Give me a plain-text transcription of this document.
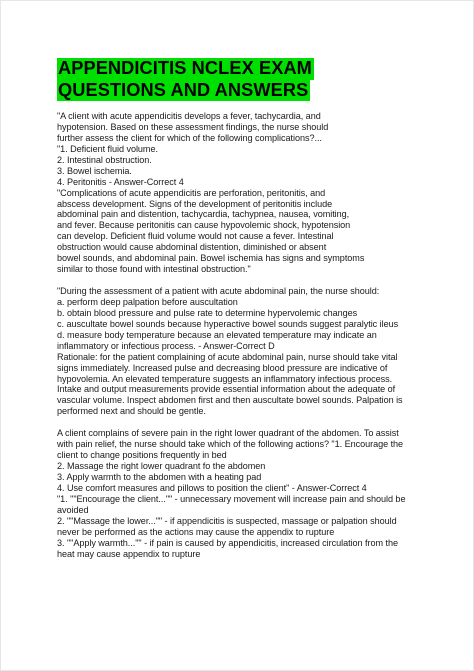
APPENDICITIS NCLEX EXAM
QUESTIONS AND ANSWERS
"A client with acute appendicitis develops a fever, tachycardia, and
hypotension. Based on these assessment findings, the nurse should
further assess the client for which of the following complications?...
"1. Deficient fluid volume.
2. Intestinal obstruction.
3. Bowel ischemia.
4. Peritonitis - Answer-Correct 4
"Complications of acute appendicitis are perforation, peritonitis, and
abscess development. Signs of the development of peritonitis include
abdominal pain and distention, tachycardia, tachypnea, nausea, vomiting,
and fever. Because peritonitis can cause hypovolemic shock, hypotension
can develop. Deficient fluid volume would not cause a fever. Intestinal
obstruction would cause abdominal distention, diminished or absent
bowel sounds, and abdominal pain. Bowel ischemia has signs and symptoms
similar to those found with intestinal obstruction."
"During the assessment of a patient with acute abdominal pain, the nurse should:
a. perform deep palpation before auscultation
b. obtain blood pressure and pulse rate to determine hypervolemic changes
c. auscultate bowel sounds because hyperactive bowel sounds suggest paralytic ileus
d. measure body temperature because an elevated temperature may indicate an
inflammatory or infectious process. - Answer-Correct D
Rationale: for the patient complaining of acute abdominal pain, nurse should take vital
signs immediately. Increased pulse and decreasing blood pressure are indicative of
hypovolemia. An elevated temperature suggests an inflammatory infectious process.
Intake and output measurements provide essential information about the adequate of
vascular volume. Inspect abdomen first and then auscultate bowel sounds. Palpation is
performed next and should be gentle.
A client complains of severe pain in the right lower quadrant of the abdomen. To assist
with pain relief, the nurse should take which of the following actions? "1. Encourage the
client to change positions frequently in bed
2. Massage the right lower quadrant fo the abdomen
3. Apply warmth to the abdomen with a heating pad
4. Use comfort measures and pillows to position the client" - Answer-Correct 4
"1. ""Encourage the client..."" - unnecessary movement will increase pain and should be
avoided
2. ""Massage the lower..."" - if appendicitis is suspected, massage or palpation should
never be performed as the actions may cause the appendix to rupture
3. ""Apply warmth..."" - if pain is caused by appendicitis, increased circulation from the
heat may cause appendix to rupture
